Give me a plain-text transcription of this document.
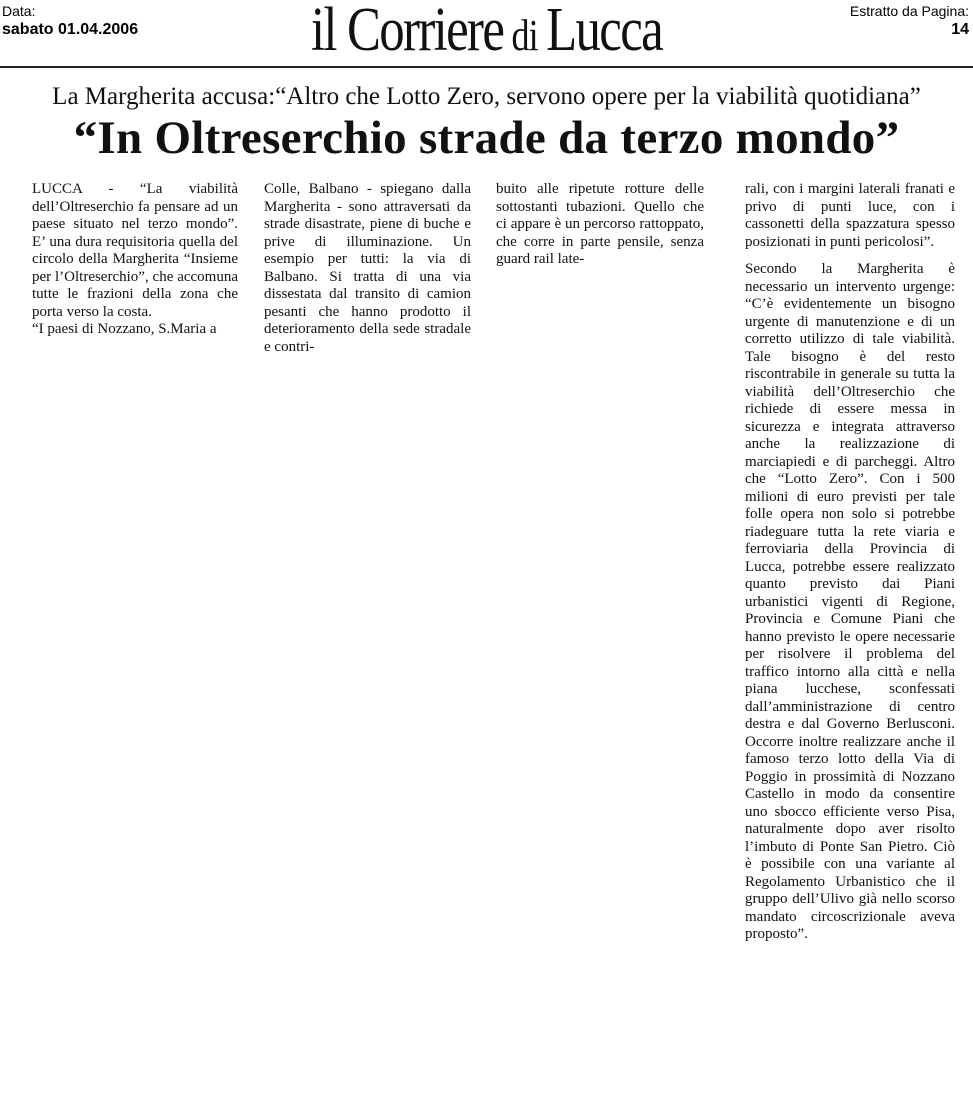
Data:
sabato 01.04.2006	il Corriere di Lucca	Estratto da Pagina:
14
La Margherita accusa:“Altro che Lotto Zero, servono opere per la viabilità quotidiana”
“In Oltreserchio strade da terzo mondo”

LUCCA - “La viabilità dell’Oltreserchio fa pensare ad un paese situato nel terzo mondo”. E’ una dura requisitoria quella del circolo della Margherita “Insieme per l’Oltreserchio”, che accomuna tutte le frazioni della zona che porta verso la costa.

“I paesi di Nozzano, S.Maria a

Colle, Balbano - spiegano dalla Margherita - sono attraversati da strade disastrate, piene di buche e prive di illuminazione. Un esempio per tutti: la via di Balbano. Si tratta di una via dissestata dal transito di camion pesanti che hanno prodotto il deterioramento della sede stradale e contri-

buito alle ripetute rotture delle sottostanti tubazioni. Quello che ci appare è un percorso rattoppato, che corre in parte pensile, senza guard rail late-

rali, con i margini laterali franati e privo di punti luce, con i cassonetti della spazzatura spesso posizionati in punti pericolosi”.

Secondo la Margherita è necessario un intervento urgenge: “C’è evidentemente un bisogno urgente di manutenzione e di un corretto utilizzo di tale viabilità. Tale bisogno è del resto riscontrabile in generale su tutta la viabilità dell’Oltreserchio che richiede di essere messa in sicurezza e integrata attraverso anche la realizzazione di marciapiedi e di parcheggi. Altro che “Lotto Zero”. Con i 500 milioni di euro previsti per tale folle opera non solo si potrebbe riadeguare tutta la rete viaria e ferroviaria della Provincia di Lucca, potrebbe essere realizzato quanto previsto dai Piani urbanistici vigenti di Regione, Provincia e Comune Piani che hanno previsto le opere necessarie per risolvere il problema del traffico intorno alla città e nella piana lucchese, sconfessati dall’amministrazione di centro destra e dal Governo Berlusconi. Occorre inoltre realizzare anche il famoso terzo lotto della Via di Poggio in prossimità di Nozzano Castello in modo da consentire uno sbocco efficiente verso Pisa, naturalmente dopo aver risolto l’imbuto di Ponte San Pietro. Ciò è possibile con una variante al Regolamento Urbanistico che il gruppo dell’Ulivo già nello scorso mandato circoscrizionale aveva proposto”.
